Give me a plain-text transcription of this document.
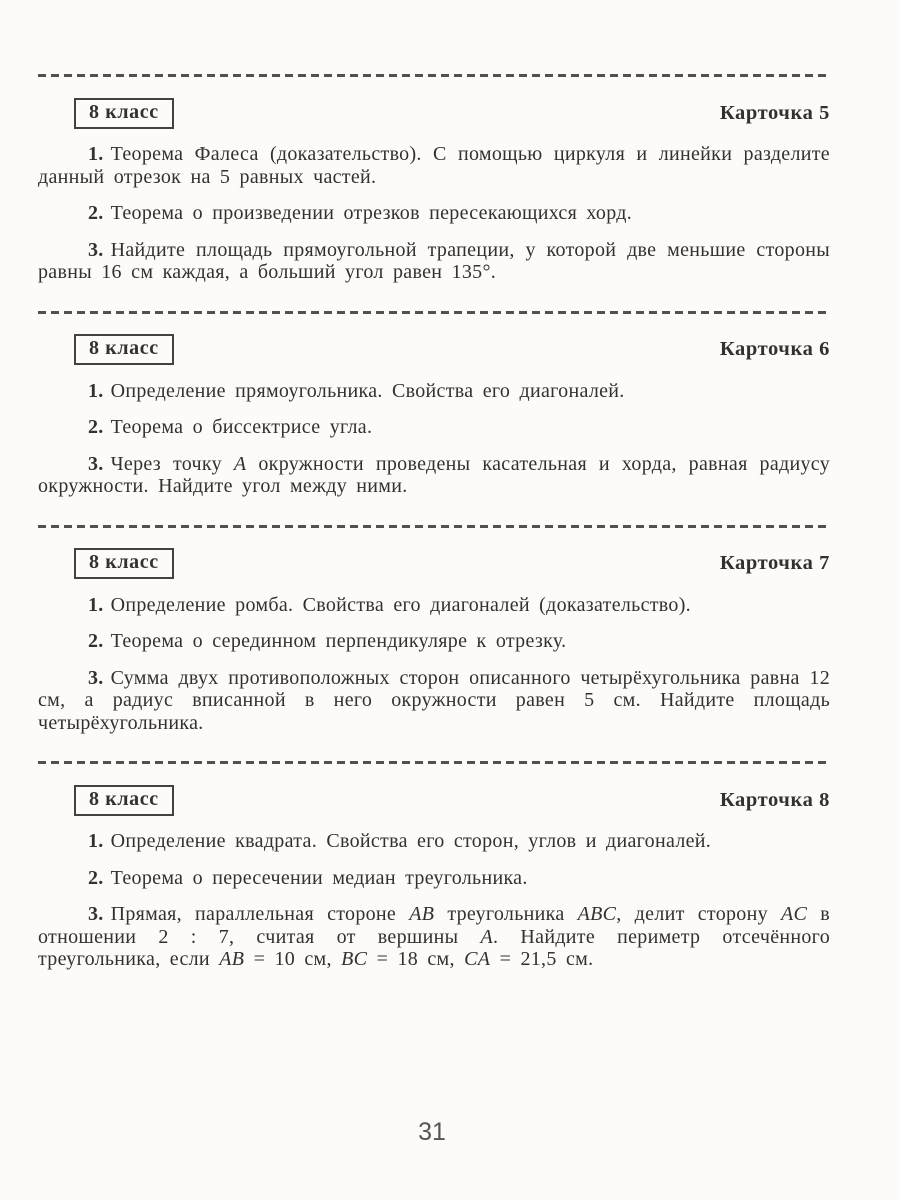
8 класс	Карточка 5

1. Теорема Фалеса (доказательство). С помощью циркуля и линейки разделите данный отрезок на 5 равных частей.

2. Теорема о произведении отрезков пересекающихся хорд.

3. Найдите площадь прямоугольной трапеции, у которой две меньшие стороны равны 16 см каждая, а больший угол равен 135°.

8 класс	Карточка 6

1. Определение прямоугольника. Свойства его диагоналей.

2. Теорема о биссектрисе угла.

3. Через точку A окружности проведены касательная и хорда, равная радиусу окружности. Найдите угол между ними.

8 класс	Карточка 7

1. Определение ромба. Свойства его диагоналей (доказательство).

2. Теорема о серединном перпендикуляре к отрезку.

3. Сумма двух противоположных сторон описанного четырёхугольника равна 12 см, а радиус вписанной в него окружности равен 5 см. Найдите площадь четырёхугольника.

8 класс	Карточка 8

1. Определение квадрата. Свойства его сторон, углов и диагоналей.

2. Теорема о пересечении медиан треугольника.

3. Прямая, параллельная стороне AB треугольника ABC, делит сторону AC в отношении 2 : 7, считая от вершины A. Найдите периметр отсечённого треугольника, если AB = 10 см, BC = 18 см, CA = 21,5 см.

31
